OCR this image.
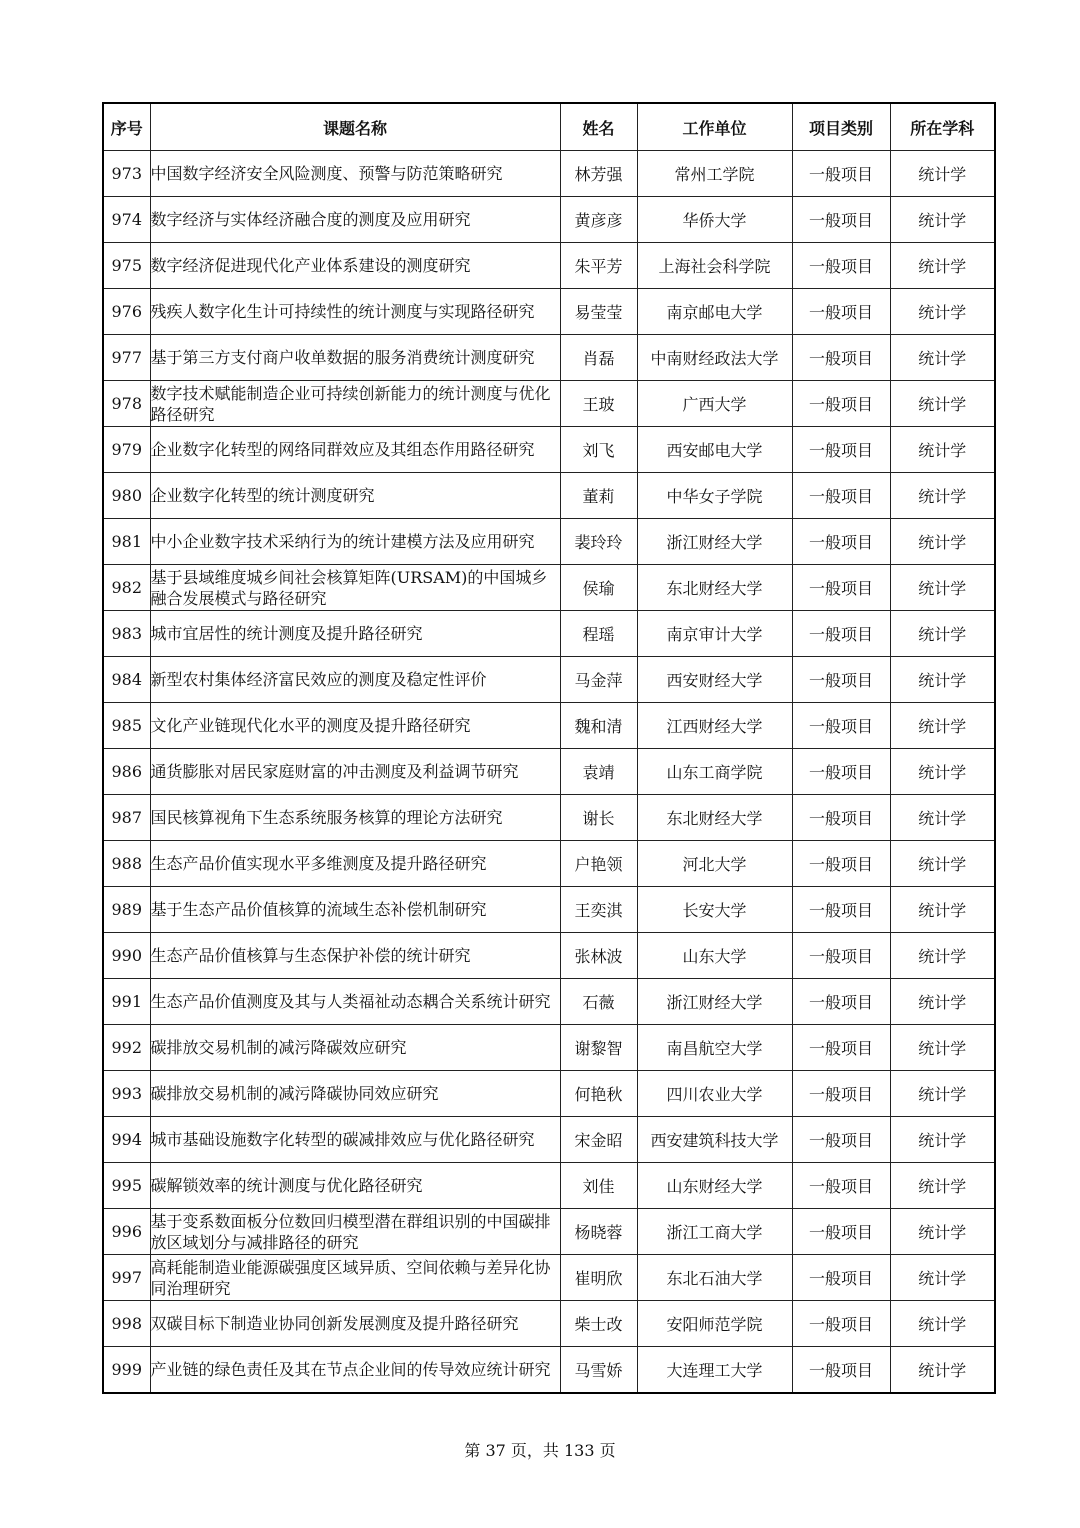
序号	课题名称	姓名	工作单位	项目类别	所在学科
973	中国数字经济安全风险测度、预警与防范策略研究	林芳强	常州工学院	一般项目	统计学
974	数字经济与实体经济融合度的测度及应用研究	黄彦彦	华侨大学	一般项目	统计学
975	数字经济促进现代化产业体系建设的测度研究	朱平芳	上海社会科学院	一般项目	统计学
976	残疾人数字化生计可持续性的统计测度与实现路径研究	易莹莹	南京邮电大学	一般项目	统计学
977	基于第三方支付商户收单数据的服务消费统计测度研究	肖磊	中南财经政法大学	一般项目	统计学
978	数字技术赋能制造企业可持续创新能力的统计测度与优化路径研究	王玻	广西大学	一般项目	统计学
979	企业数字化转型的网络同群效应及其组态作用路径研究	刘飞	西安邮电大学	一般项目	统计学
980	企业数字化转型的统计测度研究	董莉	中华女子学院	一般项目	统计学
981	中小企业数字技术采纳行为的统计建模方法及应用研究	裴玲玲	浙江财经大学	一般项目	统计学
982	基于县域维度城乡间社会核算矩阵(URSAM)的中国城乡融合发展模式与路径研究	侯瑜	东北财经大学	一般项目	统计学
983	城市宜居性的统计测度及提升路径研究	程瑶	南京审计大学	一般项目	统计学
984	新型农村集体经济富民效应的测度及稳定性评价	马金萍	西安财经大学	一般项目	统计学
985	文化产业链现代化水平的测度及提升路径研究	魏和清	江西财经大学	一般项目	统计学
986	通货膨胀对居民家庭财富的冲击测度及利益调节研究	袁靖	山东工商学院	一般项目	统计学
987	国民核算视角下生态系统服务核算的理论方法研究	谢长	东北财经大学	一般项目	统计学
988	生态产品价值实现水平多维测度及提升路径研究	户艳领	河北大学	一般项目	统计学
989	基于生态产品价值核算的流域生态补偿机制研究	王奕淇	长安大学	一般项目	统计学
990	生态产品价值核算与生态保护补偿的统计研究	张林波	山东大学	一般项目	统计学
991	生态产品价值测度及其与人类福祉动态耦合关系统计研究	石薇	浙江财经大学	一般项目	统计学
992	碳排放交易机制的减污降碳效应研究	谢黎智	南昌航空大学	一般项目	统计学
993	碳排放交易机制的减污降碳协同效应研究	何艳秋	四川农业大学	一般项目	统计学
994	城市基础设施数字化转型的碳减排效应与优化路径研究	宋金昭	西安建筑科技大学	一般项目	统计学
995	碳解锁效率的统计测度与优化路径研究	刘佳	山东财经大学	一般项目	统计学
996	基于变系数面板分位数回归模型潜在群组识别的中国碳排放区域划分与减排路径的研究	杨晓蓉	浙江工商大学	一般项目	统计学
997	高耗能制造业能源碳强度区域异质、空间依赖与差异化协同治理研究	崔明欣	东北石油大学	一般项目	统计学
998	双碳目标下制造业协同创新发展测度及提升路径研究	柴士改	安阳师范学院	一般项目	统计学
999	产业链的绿色责任及其在节点企业间的传导效应统计研究	马雪娇	大连理工大学	一般项目	统计学
第 37 页，共 133 页
